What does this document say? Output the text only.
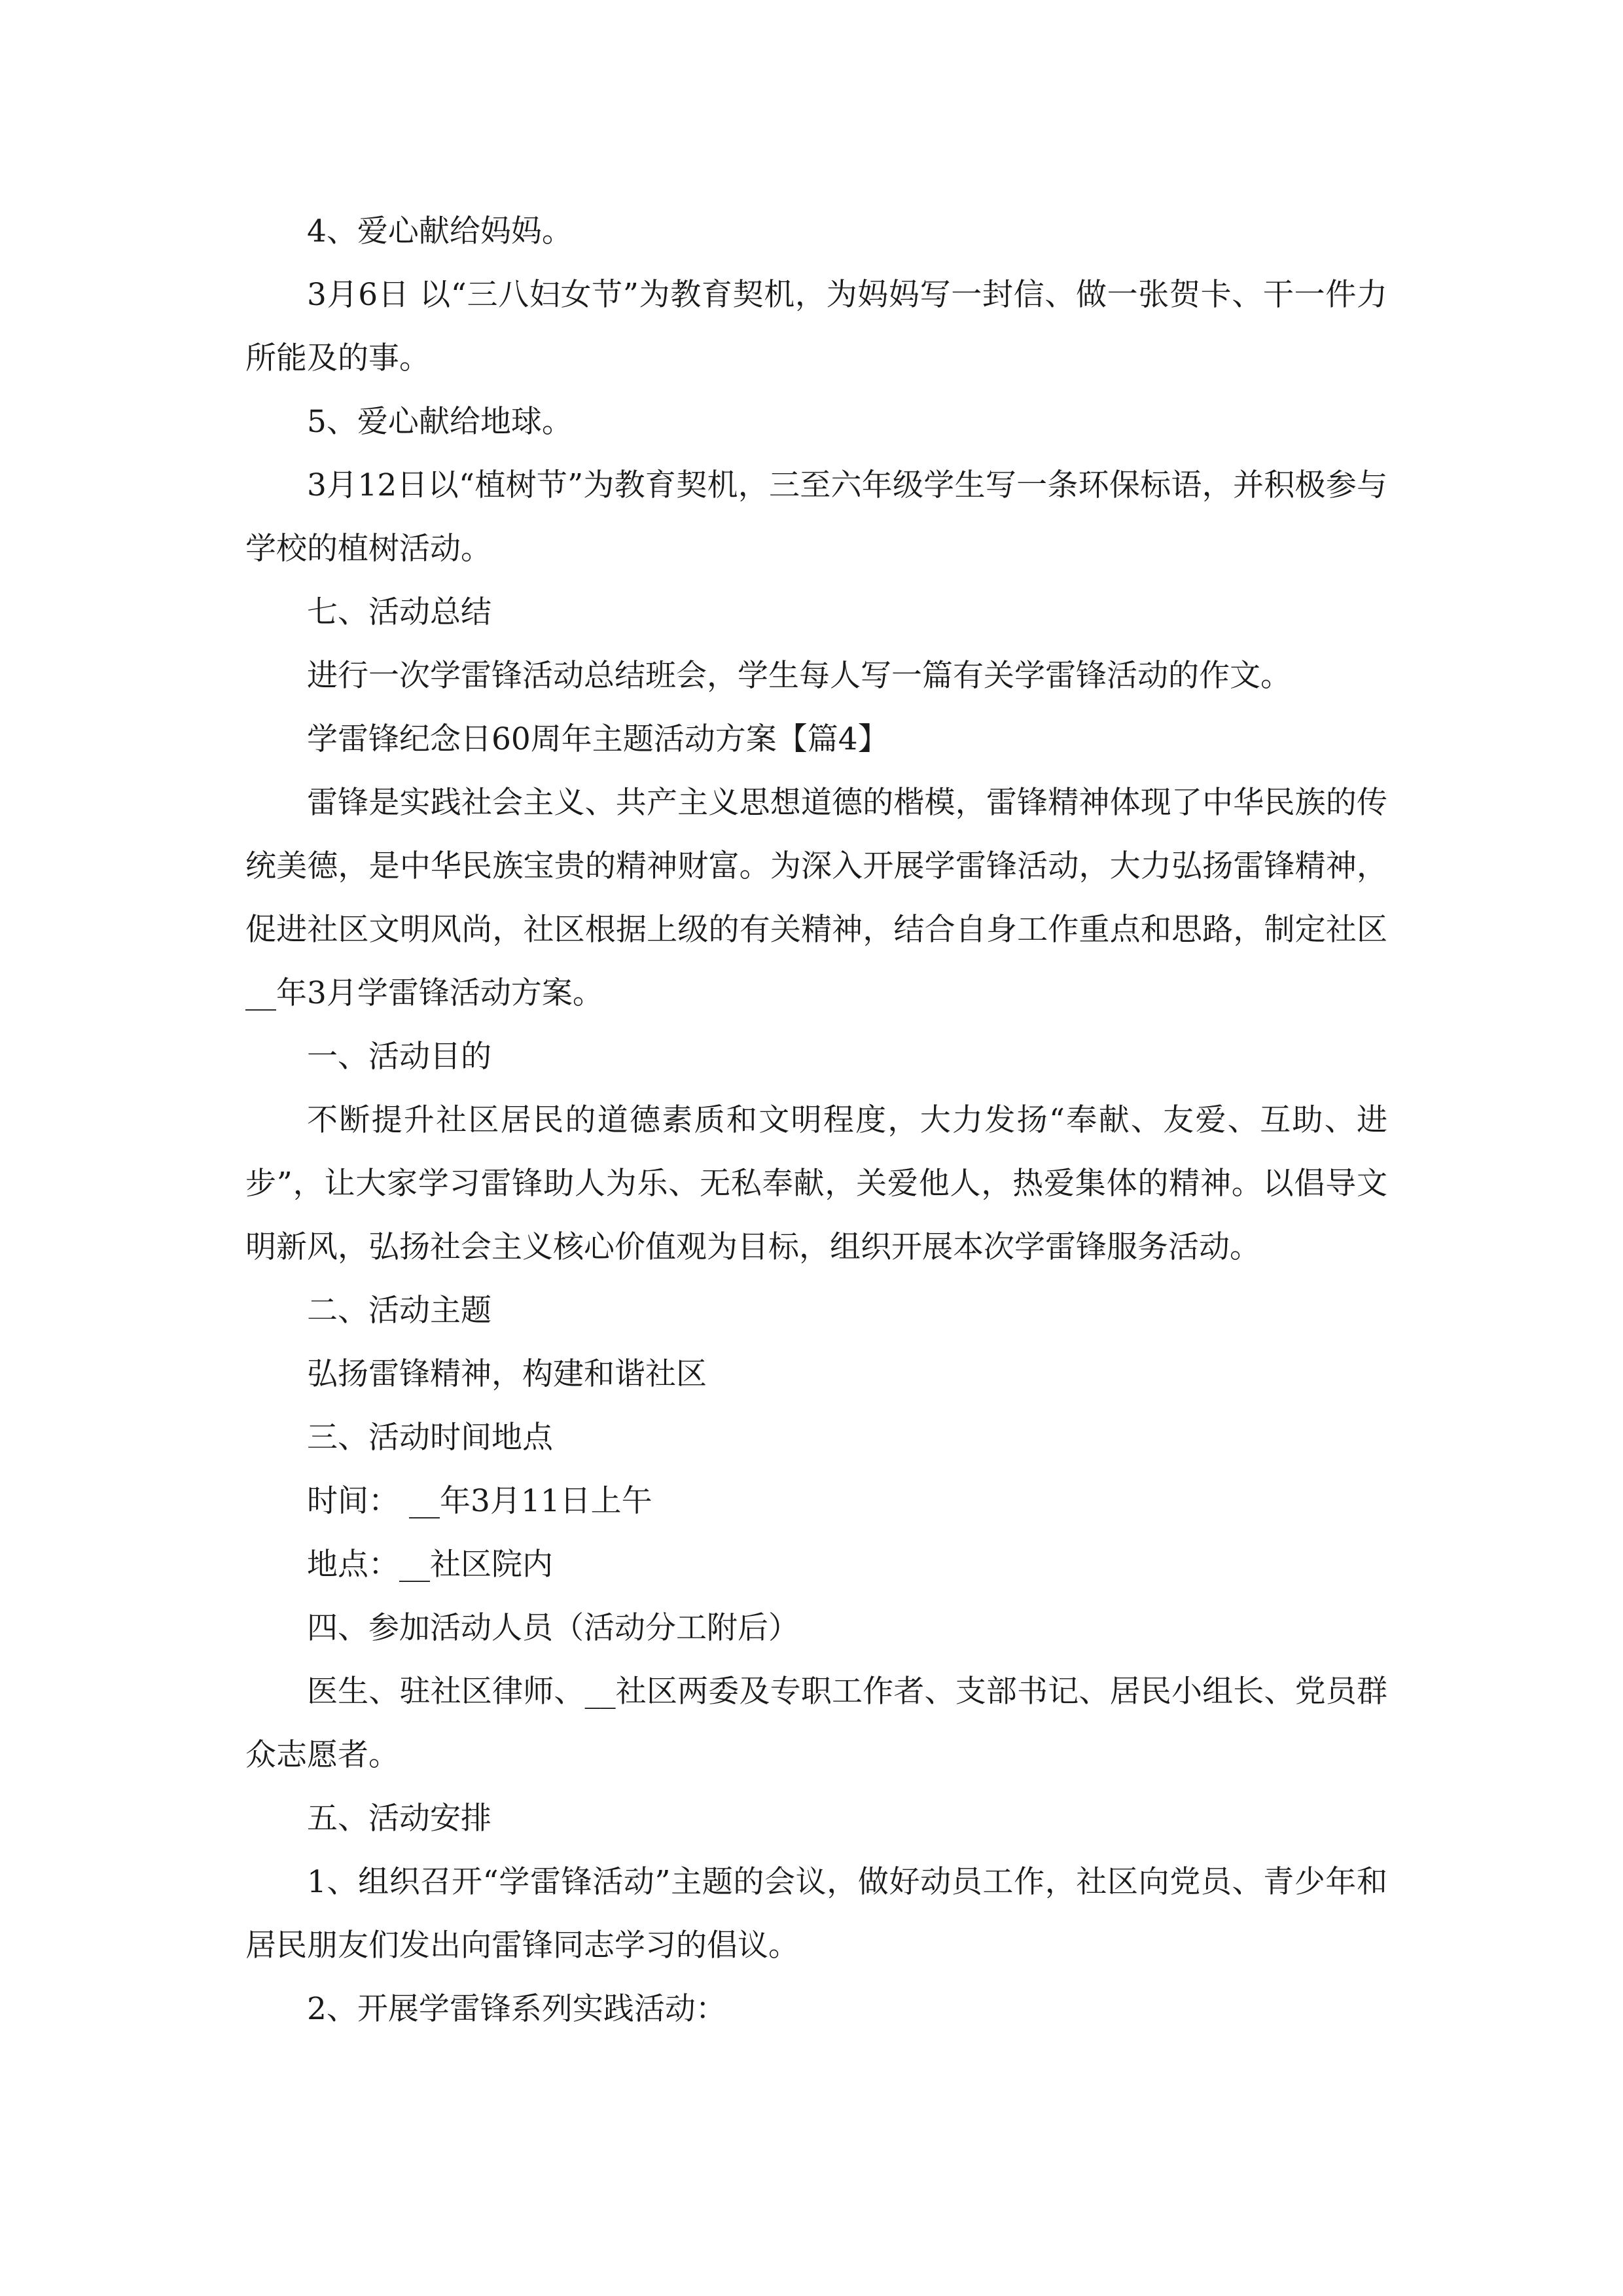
4、爱心献给妈妈。

3月6日 以“三八妇女节”为教育契机，为妈妈写一封信、做一张贺卡、干一件力所能及的事。

5、爱心献给地球。

3月12日以“植树节”为教育契机，三至六年级学生写一条环保标语，并积极参与学校的植树活动。

七、活动总结

进行一次学雷锋活动总结班会，学生每人写一篇有关学雷锋活动的作文。

学雷锋纪念日60周年主题活动方案【篇4】

雷锋是实践社会主义、共产主义思想道德的楷模，雷锋精神体现了中华民族的传统美德，是中华民族宝贵的精神财富。为深入开展学雷锋活动，大力弘扬雷锋精神，促进社区文明风尚，社区根据上级的有关精神，结合自身工作重点和思路，制定社区__年3月学雷锋活动方案。

一、活动目的

不断提升社区居民的道德素质和文明程度，大力发扬“奉献、友爱、互助、进步”，让大家学习雷锋助人为乐、无私奉献，关爱他人，热爱集体的精神。以倡导文明新风，弘扬社会主义核心价值观为目标，组织开展本次学雷锋服务活动。

二、活动主题

弘扬雷锋精神，构建和谐社区

三、活动时间地点

时间： __年3月11日上午

地点：__社区院内

四、参加活动人员（活动分工附后）

医生、驻社区律师、__社区两委及专职工作者、支部书记、居民小组长、党员群众志愿者。

五、活动安排

1、组织召开“学雷锋活动”主题的会议，做好动员工作，社区向党员、青少年和居民朋友们发出向雷锋同志学习的倡议。

2、开展学雷锋系列实践活动：
